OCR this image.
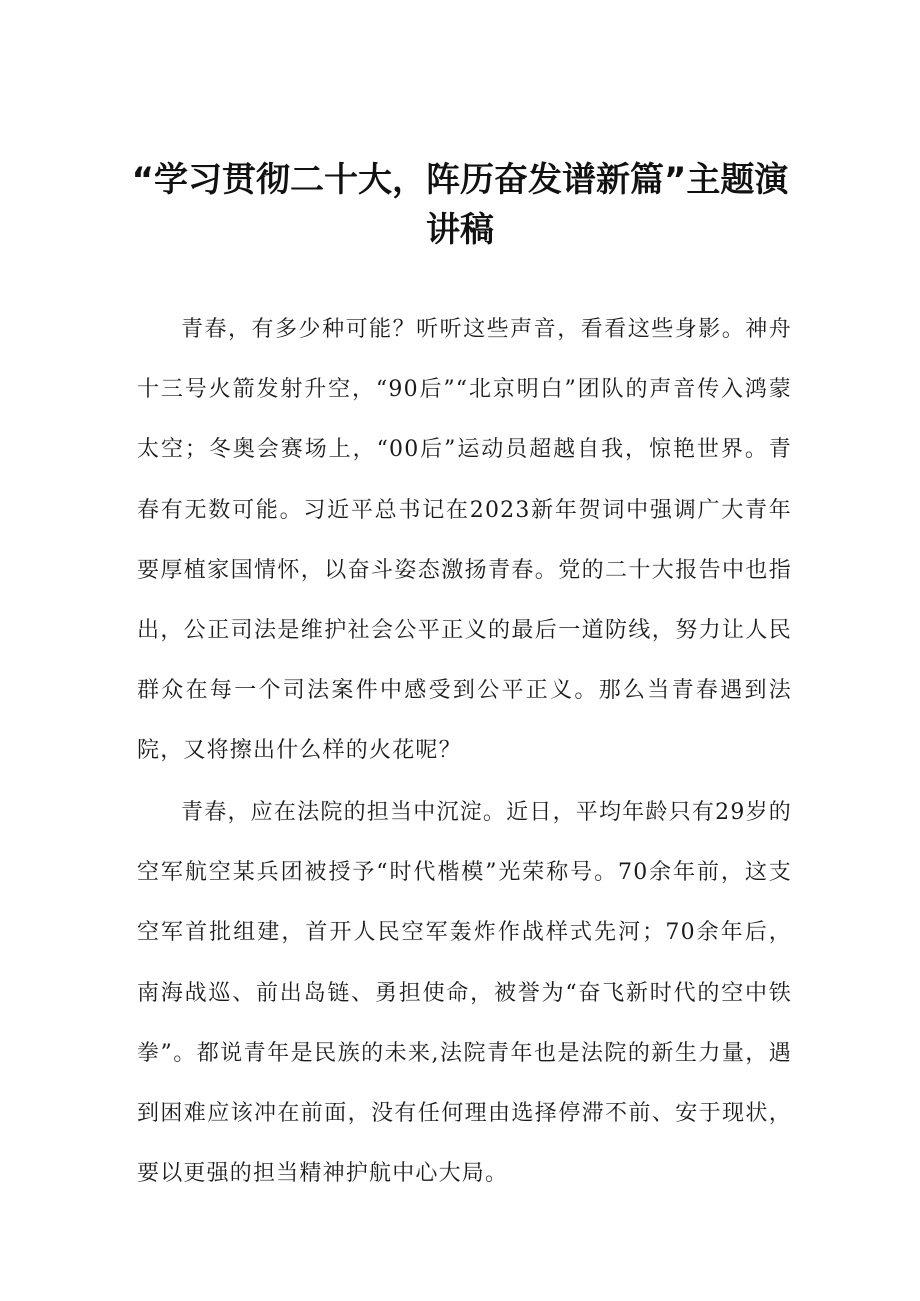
“学习贯彻二十大，阵历奋发谱新篇”主题演讲稿

青春，有多少种可能？听听这些声音，看看这些身影。神舟十三号火箭发射升空，“90后”“北京明白”团队的声音传入鸿蒙太空；冬奥会赛场上，“00后”运动员超越自我，惊艳世界。青春有无数可能。习近平总书记在2023新年贺词中强调广大青年要厚植家国情怀，以奋斗姿态激扬青春。党的二十大报告中也指出，公正司法是维护社会公平正义的最后一道防线，努力让人民群众在每一个司法案件中感受到公平正义。那么当青春遇到法院，又将擦出什么样的火花呢？

青春，应在法院的担当中沉淀。近日，平均年龄只有29岁的空军航空某兵团被授予“时代楷模”光荣称号。70余年前，这支空军首批组建，首开人民空军轰炸作战样式先河；70余年后，南海战巡、前出岛链、勇担使命，被誉为“奋飞新时代的空中铁拳”。都说青年是民族的未来,法院青年也是法院的新生力量，遇到困难应该冲在前面，没有任何理由选择停滞不前、安于现状，要以更强的担当精神护航中心大局。
